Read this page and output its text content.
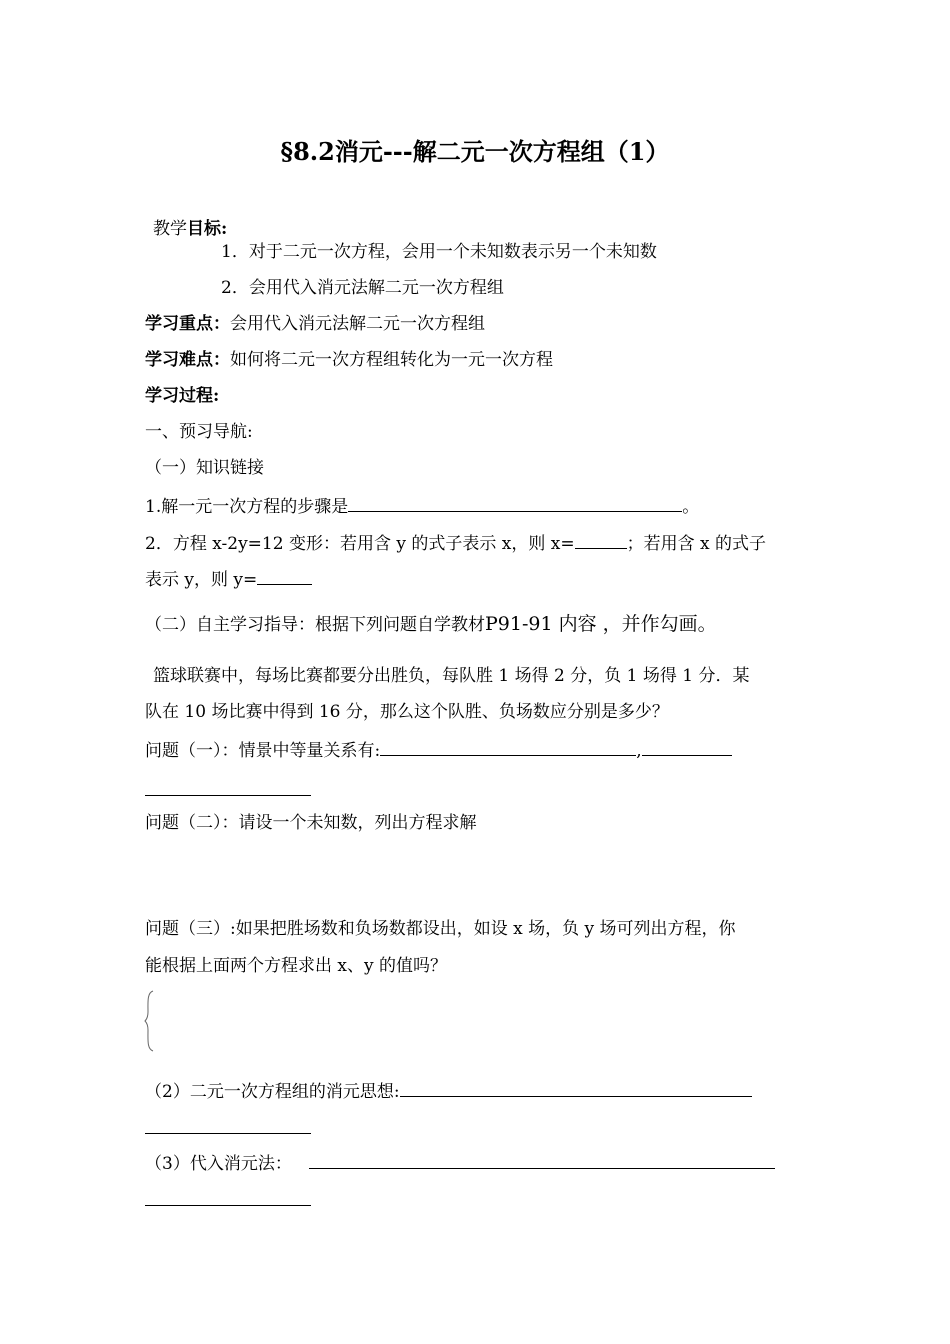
§8.2消元---解二元一次方程组（1）
教学目标:
1．对于二元一次方程，会用一个未知数表示另一个未知数
2．会用代入消元法解二元一次方程组
学习重点：会用代入消元法解二元一次方程组
学习难点：如何将二元一次方程组转化为一元一次方程
学习过程:
一、预习导航:
（一）知识链接
1.解一元一次方程的步骤是	。
2．方程 x-2y=12 变形：若用含 y 的式子表示 x，则 x=	；若用含 x 的式子
表示 y，则 y=
（二）自主学习指导：根据下列问题自学教材P91-91 内容 ，并作勾画。
篮球联赛中，每场比赛都要分出胜负，每队胜 1 场得 2 分，负 1 场得 1 分．某
队在 10 场比赛中得到 16 分，那么这个队胜、负场数应分别是多少？
问题（一）：情景中等量关系有:	,
问题（二）：请设一个未知数，列出方程求解
问题（三）:如果把胜场数和负场数都设出，如设 x 场，负 y 场可列出方程，你
能根据上面两个方程求出 x、y 的值吗？
（2）二元一次方程组的消元思想:
（3）代入消元法：
